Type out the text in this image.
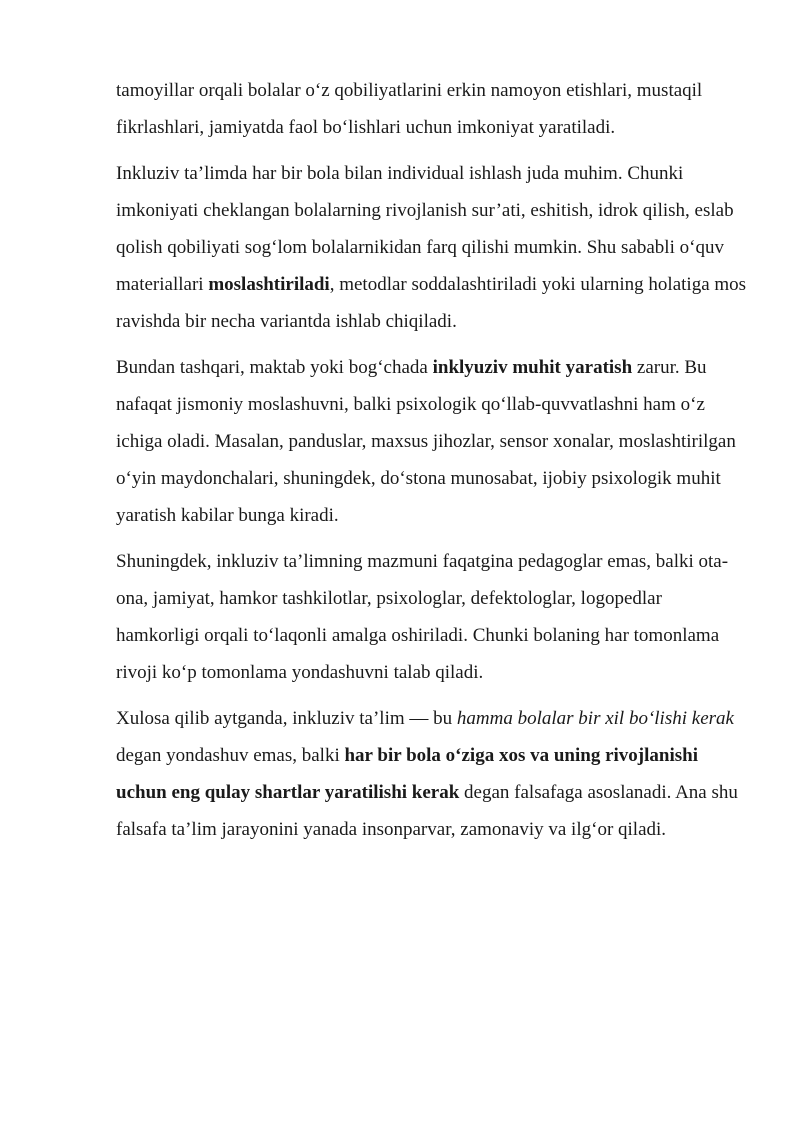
tamoyillar orqali bolalar o‘z qobiliyatlarini erkin namoyon etishlari, mustaqil fikrlashlari, jamiyatda faol bo‘lishlari uchun imkoniyat yaratiladi.

Inkluziv ta’limda har bir bola bilan individual ishlash juda muhim. Chunki imkoniyati cheklangan bolalarning rivojlanish sur’ati, eshitish, idrok qilish, eslab qolish qobiliyati sog‘lom bolalarnikidan farq qilishi mumkin. Shu sababli o‘quv materiallari moslashtiriladi, metodlar soddalashtiriladi yoki ularning holatiga mos ravishda bir necha variantda ishlab chiqiladi.

Bundan tashqari, maktab yoki bog‘chada inklyuziv muhit yaratish zarur. Bu nafaqat jismoniy moslashuvni, balki psixologik qo‘llab-quvvatlashni ham o‘z ichiga oladi. Masalan, panduslar, maxsus jihozlar, sensor xonalar, moslashtirilgan o‘yin maydonchalari, shuningdek, do‘stona munosabat, ijobiy psixologik muhit yaratish kabilar bunga kiradi.

Shuningdek, inkluziv ta’limning mazmuni faqatgina pedagoglar emas, balki ota-ona, jamiyat, hamkor tashkilotlar, psixologlar, defektologlar, logopedlar hamkorligi orqali to‘laqonli amalga oshiriladi. Chunki bolaning har tomonlama rivoji ko‘p tomonlama yondashuvni talab qiladi.

Xulosa qilib aytganda, inkluziv ta’lim — bu hamma bolalar bir xil bo‘lishi kerak degan yondashuv emas, balki har bir bola o‘ziga xos va uning rivojlanishi uchun eng qulay shartlar yaratilishi kerak degan falsafaga asoslanadi. Ana shu falsafa ta’lim jarayonini yanada insonparvar, zamonaviy va ilg‘or qiladi.
